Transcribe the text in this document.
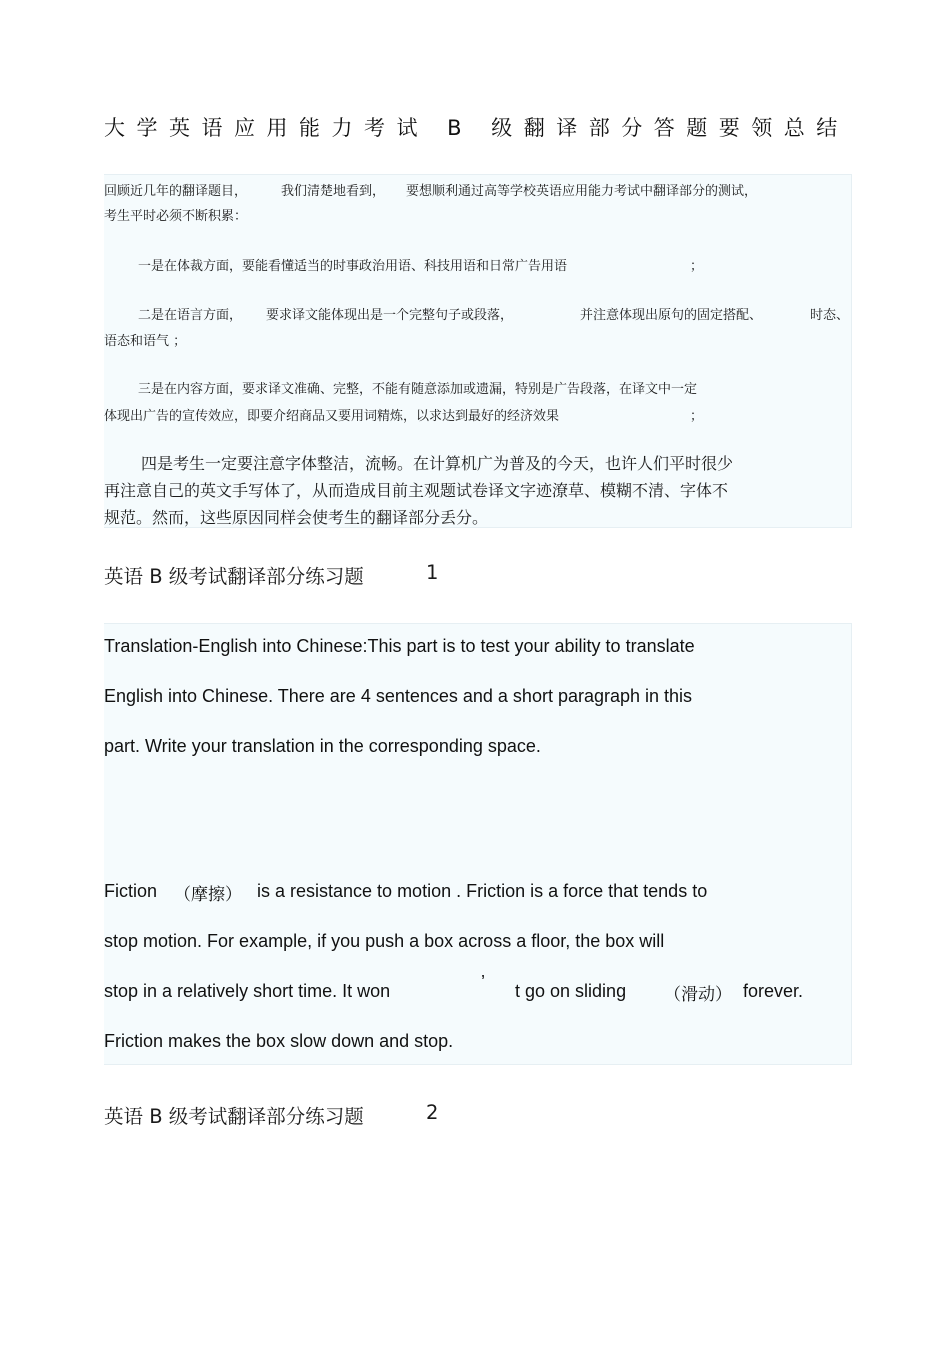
大学英语应用能力考试 B 级翻译部分答题要领总结
回顾近几年的翻译题目，	我们清楚地看到， 要想顺利通过高等学校英语应用能力考试中翻译部分的测试，
考生平时必须不断积累：
一是在体裁方面，要能看懂适当的时事政治用语、科技用语和日常广告用语	；
二是在语言方面， 要求译文能体现出是一个完整句子或段落，	并注意体现出原句的固定搭配、	时态、
语态和语气 ；
三是在内容方面，要求译文准确、完整，不能有随意添加或遗漏，特别是广告段落，在译文中一定
体现出广告的宣传效应，即要介绍商品又要用词精炼，以求达到最好的经济效果	；
四是考生一定要注意字体整洁，流畅。在计算机广为普及的今天，也许人们平时很少
再注意自己的英文手写体了，从而造成目前主观题试卷译文字迹潦草、模糊不清、字体不
规范。然而，这些原因同样会使考生的翻译部分丢分。
英语 B 级考试翻译部分练习题	1
Translation-English into Chinese:This part is to test your ability to translate
English into Chinese. There are 4 sentences and a short paragraph in this
part. Write your translation in the corresponding space.
Fiction （摩擦） is a resistance to motion . Friction is a force that tends to
stop motion. For example, if you push a box across a floor, the box will
stop in a relatively short time. It won	’ t go on sliding （滑动） forever.
Friction makes the box slow down and stop.
英语 B 级考试翻译部分练习题	2
